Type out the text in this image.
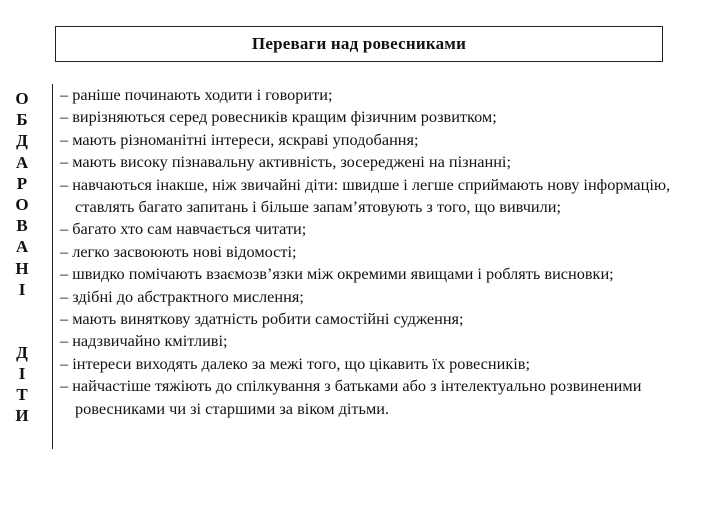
Переваги над ровесниками
О
Б
Д
А
Р
О
В
А
Н
І
Д
І
Т
И
– раніше починають ходити і говорити;
– вирізняються серед ровесників кращим фізичним розвитком;
– мають різноманітні інтереси, яскраві уподобання;
– мають високу пізнавальну активність, зосереджені на пізнанні;
– навчаються інакше, ніж звичайні діти: швидше і легше сприймають нову інформацію, ставлять багато запитань і більше запам’ятовують з того, що вивчили;
– багато хто сам навчається читати;
– легко засвоюють нові відомості;
– швидко помічають взаємозв’язки між окремими явищами і роблять висновки;
– здібні до абстрактного мислення;
– мають виняткову здатність робити самостійні судження;
– надзвичайно кмітливі;
– інтереси виходять далеко за межі того, що цікавить їх ровесників;
– найчастіше тяжіють до спілкування з батьками або з інтелектуально розвиненими ровесниками чи зі старшими за віком дітьми.
